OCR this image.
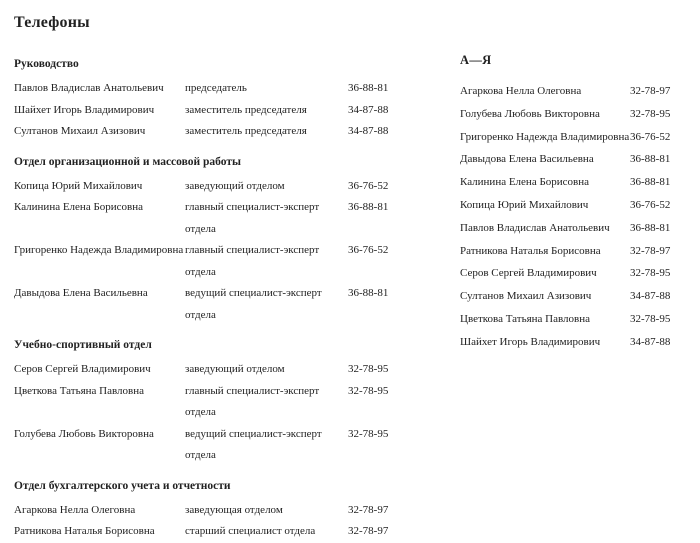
Телефоны
Руководство
Павлов Владислав Анатольевич	председатель	36-88-81
Шайхет Игорь Владимирович	заместитель председателя	34-87-88
Султанов Михаил Азизович	заместитель председателя	34-87-88
Отдел организационной и массовой работы
Копица Юрий Михайлович	заведующий отделом	36-76-52
Калинина Елена Борисовна	главный специалист-эксперт отдела
36-88-81
Григоренко Надежда Владимировна главный специалист-эксперт отдела
36-76-52
Давыдова Елена Васильевна	ведущий специалист-эксперт отдела
36-88-81
Учебно-спортивный отдел
Серов Сергей Владимирович	заведующий отделом	32-78-95
Цветкова Татьяна Павловна	главный специалист-эксперт отдела
32-78-95
Голубева Любовь Викторовна	ведущий специалист-эксперт отдела
32-78-95
Отдел бухгалтерского учета и отчетности
Агаркова Нелла Олеговна	заведующая отделом	32-78-97
Ратникова Наталья Борисовна	старший специалист отдела	32-78-97
А—Я
Агаркова Нелла Олеговна	32-78-97
Голубева Любовь Викторовна	32-78-95
Григоренко Надежда Владимировна 36-76-52
Давыдова Елена Васильевна	36-88-81
Калинина Елена Борисовна	36-88-81
Копица Юрий Михайлович	36-76-52
Павлов Владислав Анатольевич	36-88-81
Ратникова Наталья Борисовна	32-78-97
Серов Сергей Владимирович	32-78-95
Султанов Михаил Азизович	34-87-88
Цветкова Татьяна Павловна	32-78-95
Шайхет Игорь Владимирович	34-87-88
